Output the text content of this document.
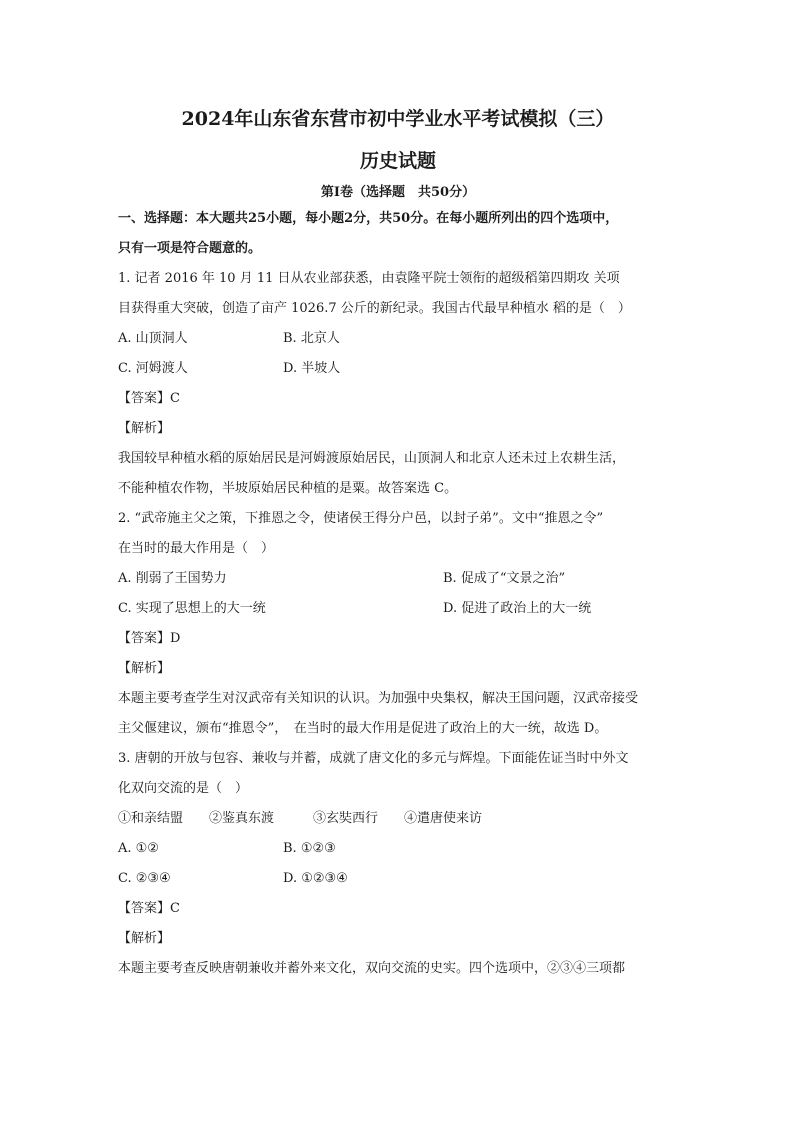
2024年山东省东营市初中学业水平考试模拟（三）
历史试题
第Ⅰ卷（选择题　共50分）

一、选择题：本大题共25小题，每小题2分，共50分。在每小题所列出的四个选项中，

只有一项是符合题意的。

1. 记者 2016 年 10 月 11 日从农业部获悉，由袁隆平院士领衔的超级稻第四期攻 关项

目获得重大突破，创造了亩产 1026.7 公斤的新纪录。我国古代最早种植水 稻的是（　）

A. 山顶洞人	B. 北京人
C. 河姆渡人	D. 半坡人

【答案】C

【解析】

我国较早种植水稻的原始居民是河姆渡原始居民，山顶洞人和北京人还未过上农耕生活，

不能种植农作物，半坡原始居民种植的是粟。故答案选 C。

2. “武帝施主父之策，下推恩之令，使诸侯王得分户邑，以封子弟”。文中“推恩之令”

在当时的最大作用是（　）

A. 削弱了王国势力	B. 促成了“文景之治”
C. 实现了思想上的大一统	D. 促进了政治上的大一统

【答案】D

【解析】

本题主要考查学生对汉武帝有关知识的认识。为加强中央集权，解决王国问题，汉武帝接受

主父偃建议，颁布“推恩令”，　在当时的最大作用是促进了政治上的大一统，故选 D。

3. 唐朝的开放与包容、兼收与并蓄，成就了唐文化的多元与辉煌。下面能佐证当时中外文

化双向交流的是（　）

①和亲结盟　　②鉴真东渡　　　③玄奘西行　　④遣唐使来访

A. ①②	B. ①②③
C. ②③④	D. ①②③④

【答案】C

【解析】

本题主要考查反映唐朝兼收并蓄外来文化，双向交流的史实。四个选项中，②③④三项都
